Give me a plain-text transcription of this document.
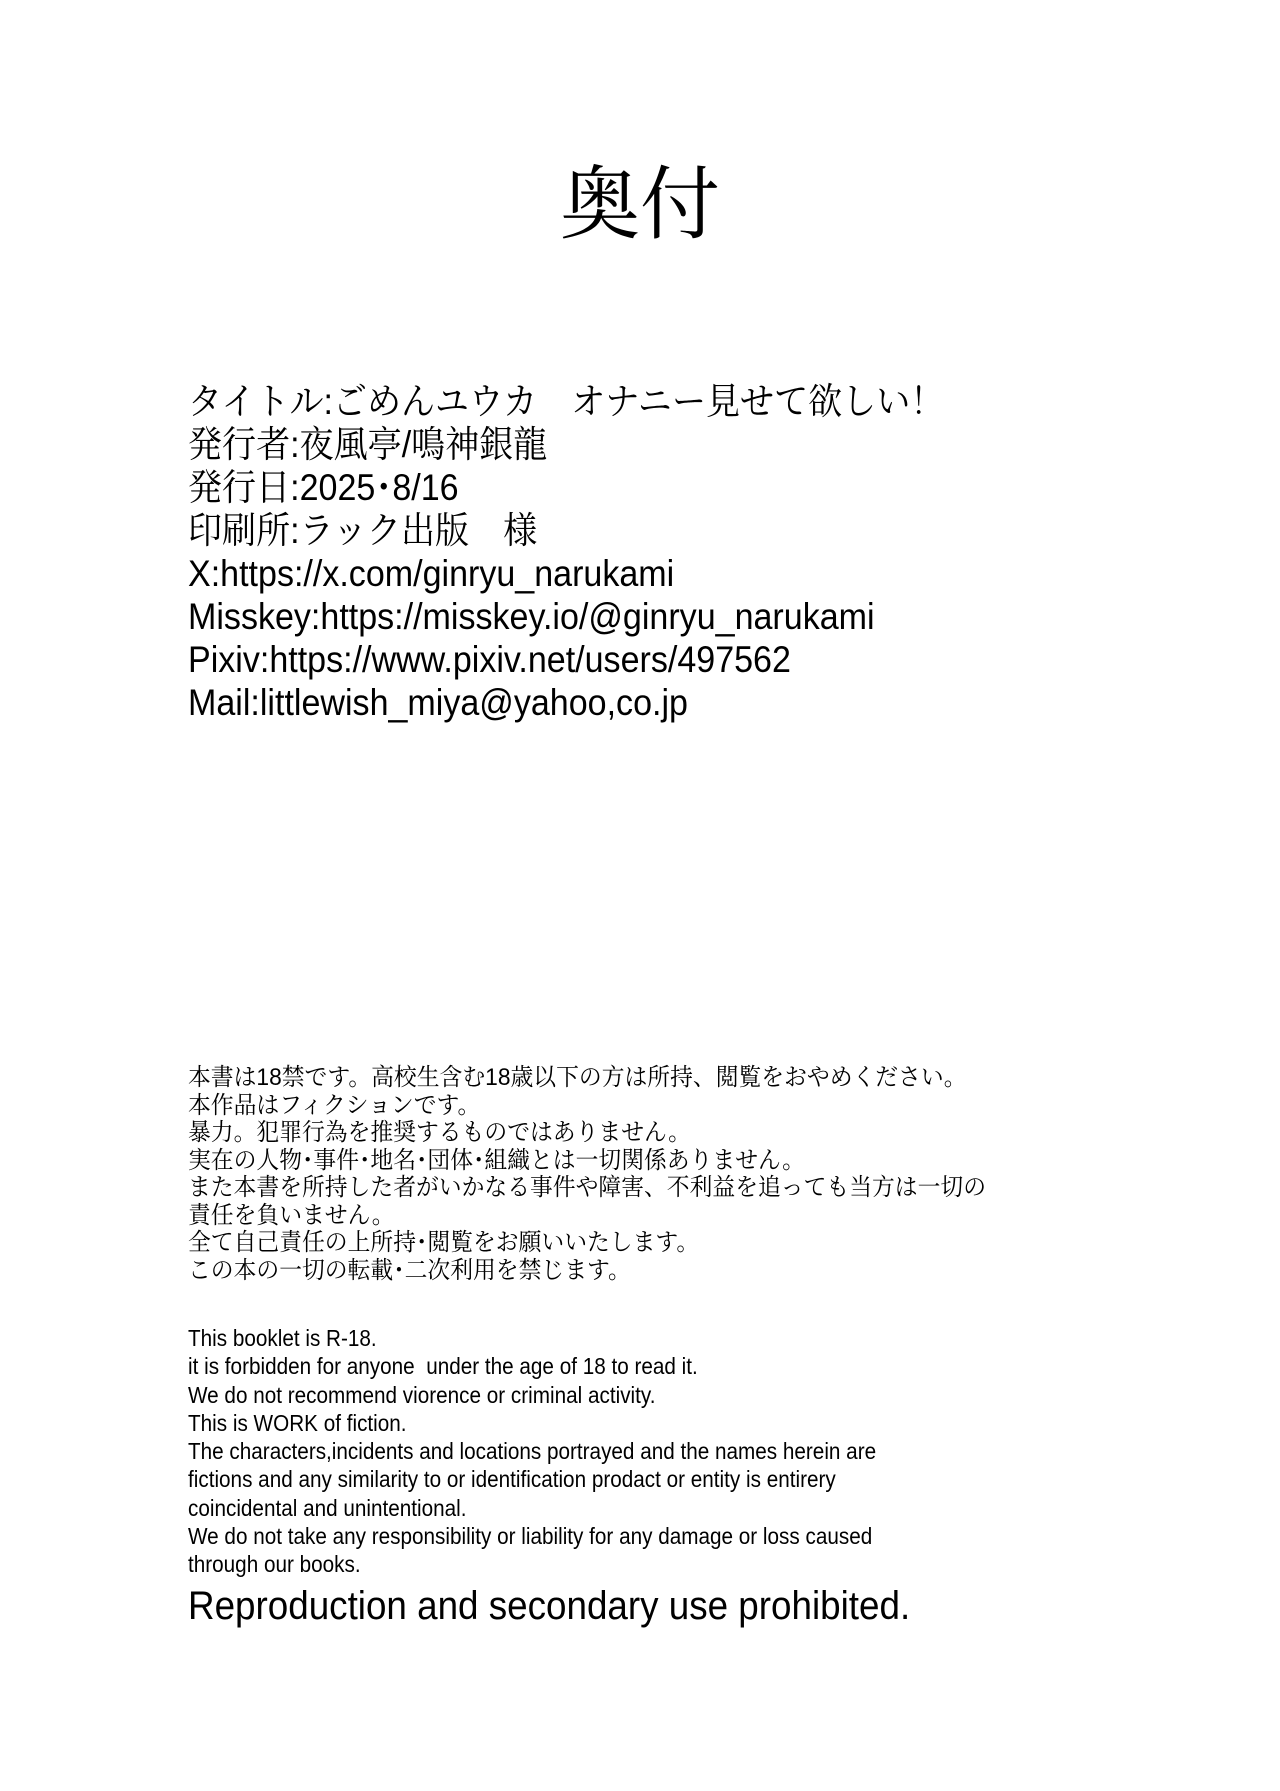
奥付
タイトル:ごめんユウカ　オナニー見せて欲しい！
発行者:夜風亭/鳴神銀龍
発行日:2025･8/16
印刷所:ラック出版　様
X:https://x.com/ginryu_narukami
Misskey:https://misskey.io/@ginryu_narukami
Pixiv:https://www.pixiv.net/users/497562
Mail:littlewish_miya@yahoo,co.jp
本書は18禁です。高校生含む18歳以下の方は所持、閲覧をおやめください。
本作品はフィクションです。
暴力。犯罪行為を推奨するものではありません。
実在の人物･事件･地名･団体･組織とは一切関係ありません。
また本書を所持した者がいかなる事件や障害、不利益を追っても当方は一切の
責任を負いません。
全て自己責任の上所持･閲覧をお願いいたします。
この本の一切の転載･二次利用を禁じます。
This booklet is R-18.
it is forbidden for anyone  under the age of 18 to read it.
We do not recommend viorence or criminal activity.
This is WORK of fiction.
The characters,incidents and locations portrayed and the names herein are
fictions and any similarity to or identification prodact or entity is entirery
coincidental and unintentional.
We do not take any responsibility or liability for any damage or loss caused
through our books.
Reproduction and secondary use prohibited.
